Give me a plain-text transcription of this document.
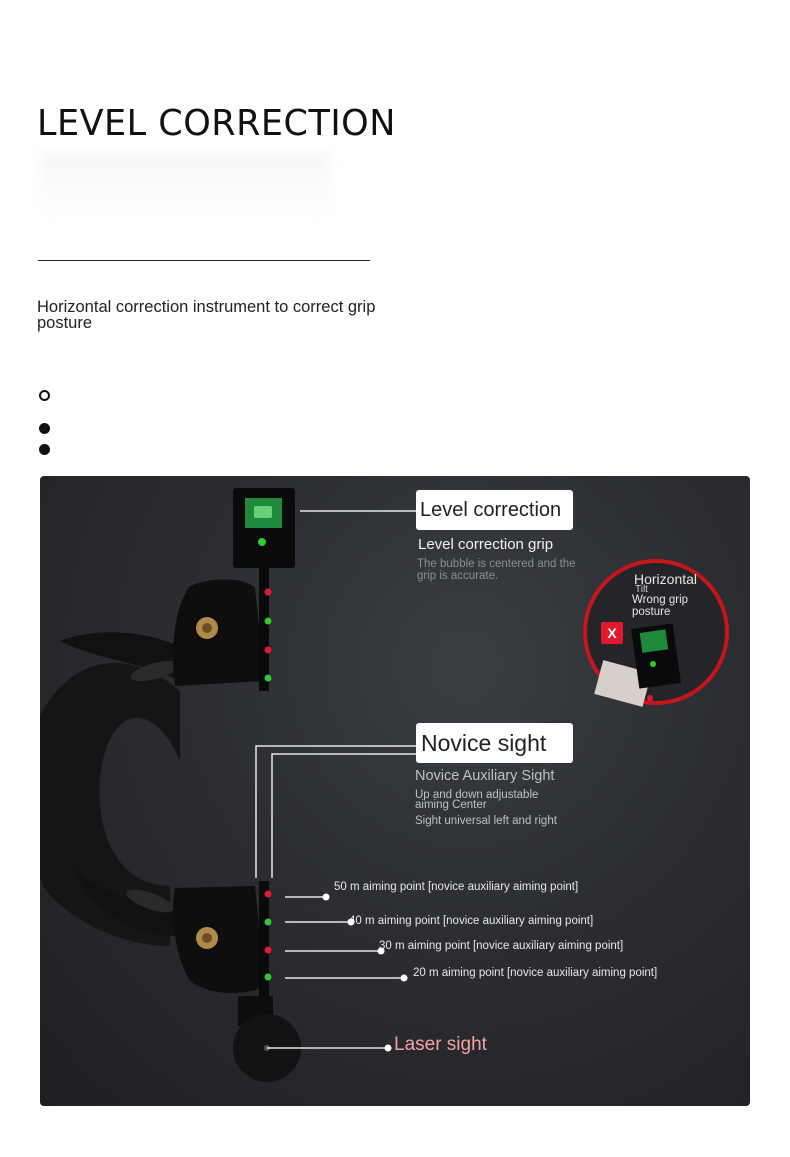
LEVEL CORRECTION
Horizontal correction instrument to correct grip posture
Level correction
Level correction grip
The bubble is centered and the grip is accurate.	Horizontal
Tilt
Wrong grip posture
X
Novice sight
Novice Auxiliary Sight
Up and down adjustable aiming Center
Sight universal left and right
50 m aiming point [novice auxiliary aiming point]
40 m aiming point [novice auxiliary aiming point]
30 m aiming point [novice auxiliary aiming point]
20 m aiming point [novice auxiliary aiming point]
Laser sight
